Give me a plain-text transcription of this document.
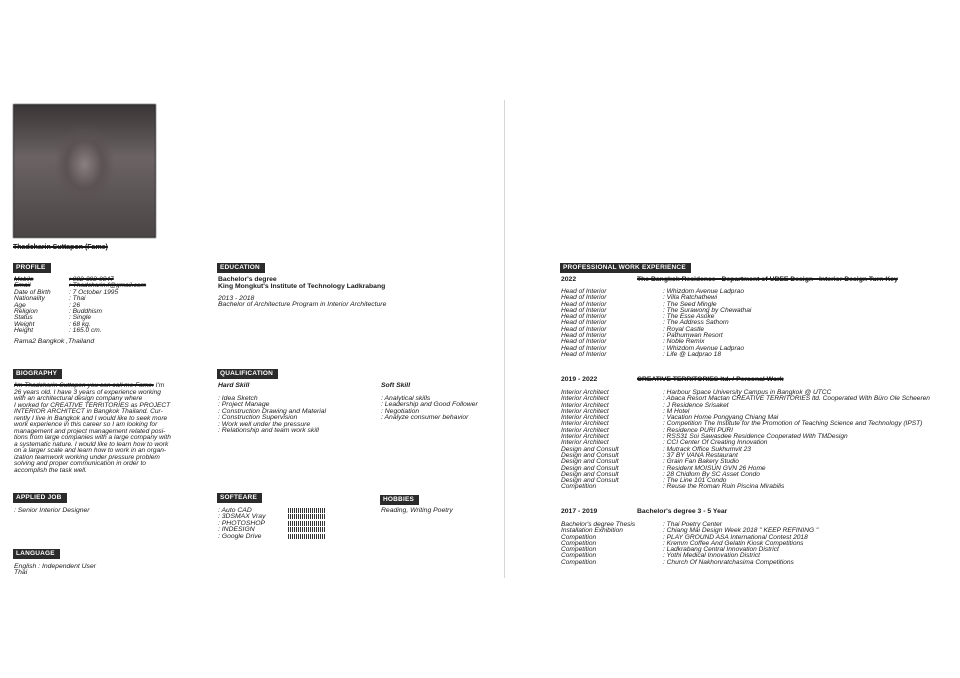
Thadcharin Suttapon (Fame)
PROFILE
Mobile	: 082-392-0847
Email	: Thadcharin.f@gmail.com
Date of Birth	: 7 October 1995
Nationality	: Thai
Age	: 26
Religion	: Buddhism
Status	: Single
Weight	: 68 kg.
Height	: 165.0 cm.
Rama2 Bangkok ,Thailand
EDUCATION
Bachelor's degree
King Mongkut's Institute of Technology Ladkrabang
2013 - 2018
Bachelor of Architecture Program in Interior Architecture
BIOGRAPHY
I'm Thadcharin Suttapon you can call me Fame. I'm
26 years old. I have 3 years of experience working
with an architectural design company where
I worked for CREATIVE TERRITORIES as PROJECT
INTERIOR ARCHITECT in Bangkok Thailand. Cur-
rently I live in Bangkok and I would like to seek more
work experience in this career so I am looking for
management and project management related posi-
tions from large companies with a large company with
a systematic nature. I would like to learn how to work
on a larger scale and learn how to work in an organ-
ization teamwork working under pressure problem
solving and proper communication in order to
accomplish the task well.
QUALIFICATION
Hard Skill
: Idea Sketch
: Project Manage
: Construction Drawing and Material
: Construction Supervision
: Work well under the pressure
: Relationship and team work skill
Soft Skill
: Analytical skills
: Leadership and Good Follower
: Negotiation
: Analyze consumer behavior
APPLIED JOB
: Senior Interior Designer
SOFTEARE
: Auto CAD
: 3DSMAX Vray
: PHOTOSHOP
: INDESIGN
: Google Drive
HOBBIES
Reading, Writing Poetry
LANGUAGE
English : Independent User
Thai
PROFESSIONAL WORK EXPERIENCE
2022	The Bangkok Residence - Department of UBEE Design - Interior Design Turn Key
Head of Interior	: Whizdom Avenue Ladprao
Head of Interior	: Villa Ratchathewi
Head of Interior	: The Seed Mingle
Head of Interior	: The Surawong by Chewathai
Head of Interior	: The Esse Asoke
Head of Interior	: The Address Sathorn
Head of Interior	: Royal Castle
Head of Interior	: Pathumwan Resort
Head of Interior	: Noble Remix
Head of Interior	: Whizdom Avenue Ladprao
Head of Interior	: Life @ Ladprao 18
2019 - 2022	CREATIVE TERRITORIES ltd. / Personal Work
Interior Architect	: Harbour Space University Campus in Bangkok @ UTCC
Interior Architect	: Abaca Resort Mactan CREATIVE TERRITORIES ltd. Cooperated With Büro Ole Scheeren
Interior Architect	: J Residence Srisaket
Interior Architect	: M Hotel
Interior Architect	: Vacation Home Pongyang Chiang Mai
Interior Architect	: Competition The Institute for the Promotion of Teaching Science and Technology (IPST)
Interior Architect	: Residence PURI PURI
Interior Architect	: RSS31 Soi Sawasdee Residence Cooperated With TMDesign
Interior Architect	: CCI Center Of Creating Innovation
Design and Consult	: Mutrack Office Sukhumvit 23
Design and Consult	: 37 BY VANA Restaurant
Design and Consult	: Grain Fan Bakery Studio
Design and Consult	: Resident MOISUN GVN 26 Home
Design and Consult	: 28 Chidlom By SC Asset Condo
Design and Consult	: The Line 101 Condo
Competition	: Reuse the Roman Ruin Piscina Mirabilis
2017 - 2019	Bachelor's degree 3 - 5 Year
Bachelor's degree Thesis	: Thai Poetry Center
Installation Exhibition	: Chiang Mai Design Week 2018 " KEEP REFINING "
Competition	: PLAY GROUND ASA International Contest 2018
Competition	: Kremm Coffee And Gelatin Kiosk Competitions
Competition	: Ladkrabang Central Innovation District
Competition	: Yothi Medical Innovation District
Competition	: Church Of Nakhonratchasima Competitions
